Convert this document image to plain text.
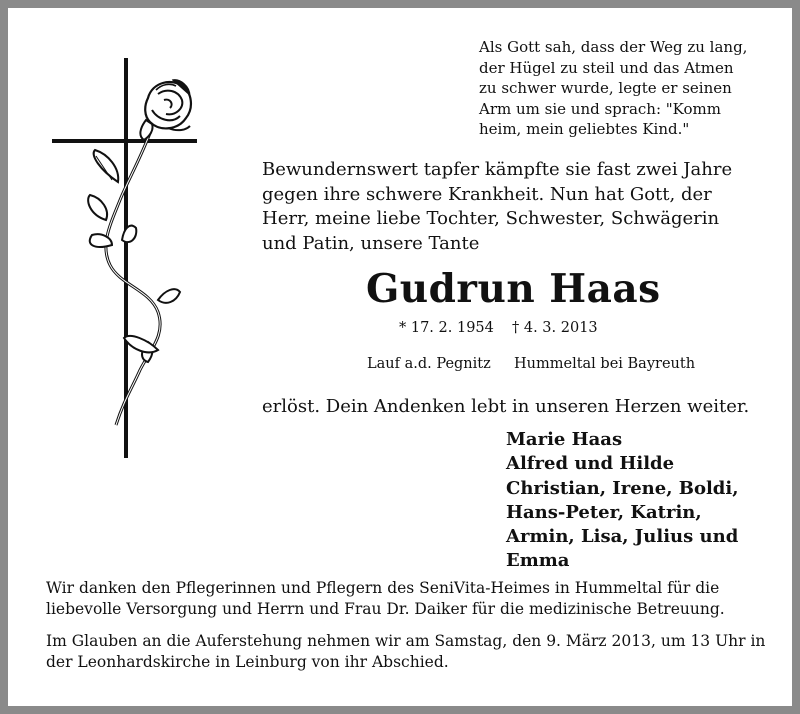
Als Gott sah, dass der Weg zu lang,
der Hügel zu steil und das Atmen
zu schwer wurde, legte er seinen
Arm um sie und sprach: "Komm
heim, mein geliebtes Kind."
Bewundernswert tapfer kämpfte sie fast zwei Jahre
gegen ihre schwere Krankheit. Nun hat Gott, der
Herr, meine liebe Tochter, Schwester, Schwägerin
und Patin, unsere Tante
Gudrun Haas
* 17. 2. 1954 † 4. 3. 2013
Lauf a.d. Pegnitz Hummeltal bei Bayreuth
erlöst. Dein Andenken lebt in unseren Herzen weiter.
Marie Haas
Alfred und Hilde
Christian, Irene, Boldi,
Hans-Peter, Katrin,
Armin, Lisa, Julius und
Emma
Wir danken den Pflegerinnen und Pflegern des SeniVita-Heimes in Hummeltal für die
liebevolle Versorgung und Herrn und Frau Dr. Daiker für die medizinische Betreuung.
Im Glauben an die Auferstehung nehmen wir am Samstag, den 9. März 2013, um 13 Uhr in
der Leonhardskirche in Leinburg von ihr Abschied.
